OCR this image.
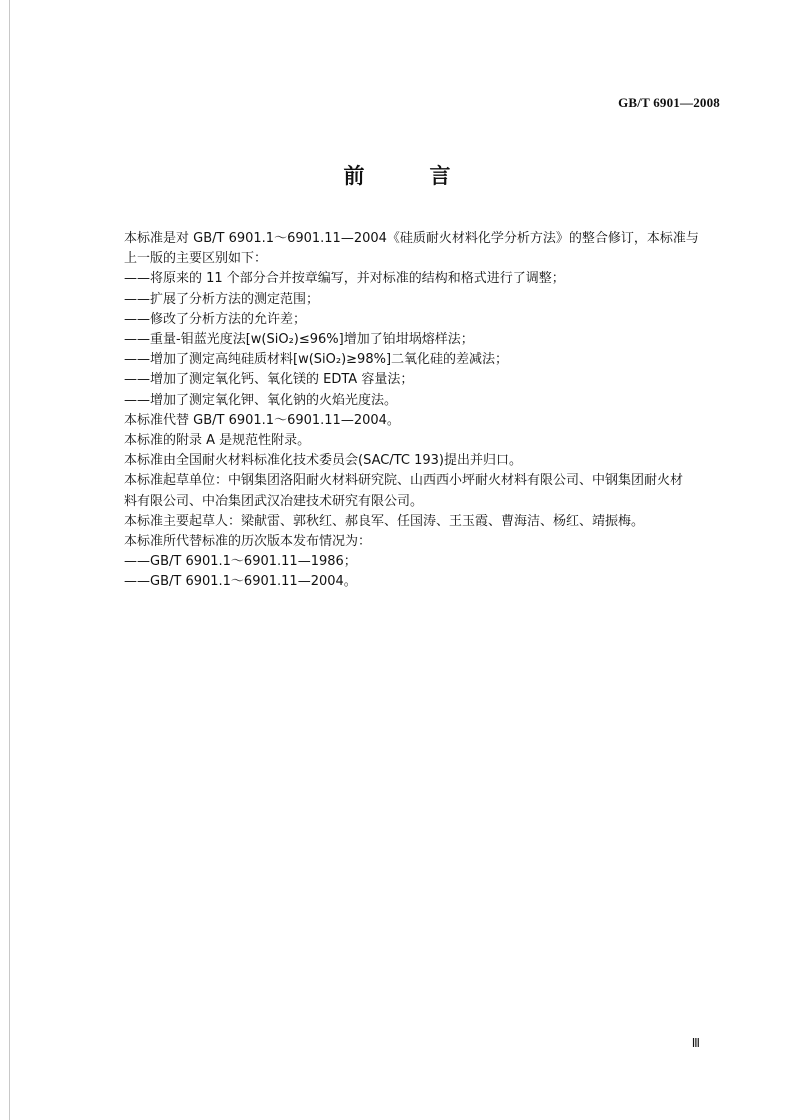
GB/T 6901—2008
前　言

本标准是对 GB/T 6901.1～6901.11—2004《硅质耐火材料化学分析方法》的整合修订，本标准与

上一版的主要区别如下：

——将原来的 11 个部分合并按章编写，并对标准的结构和格式进行了调整；

——扩展了分析方法的测定范围；

——修改了分析方法的允许差；

——重量-钼蓝光度法[w(SiO₂)≤96%]增加了铂坩埚熔样法；

——增加了测定高纯硅质材料[w(SiO₂)≥98%]二氧化硅的差减法；

——增加了测定氧化钙、氧化镁的 EDTA 容量法；

——增加了测定氧化钾、氧化钠的火焰光度法。

本标准代替 GB/T 6901.1～6901.11—2004。

本标准的附录 A 是规范性附录。

本标准由全国耐火材料标准化技术委员会(SAC/TC 193)提出并归口。

本标准起草单位：中钢集团洛阳耐火材料研究院、山西西小坪耐火材料有限公司、中钢集团耐火材

料有限公司、中冶集团武汉冶建技术研究有限公司。

本标准主要起草人：梁献雷、郭秋红、郝良军、任国涛、王玉霞、曹海洁、杨红、靖振梅。

本标准所代替标准的历次版本发布情况为：

——GB/T 6901.1～6901.11—1986；

——GB/T 6901.1～6901.11—2004。

Ⅲ
